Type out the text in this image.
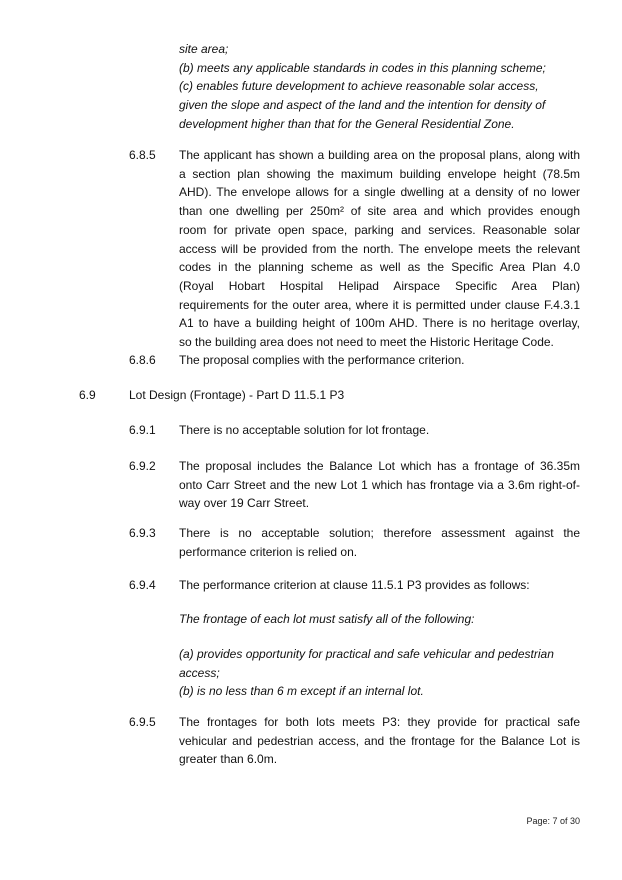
site area;
(b) meets any applicable standards in codes in this planning scheme;
(c) enables future development to achieve reasonable solar access,
given the slope and aspect of the land and the intention for density of
development higher than that for the General Residential Zone.
6.8.5 The applicant has shown a building area on the proposal plans, along with
a section plan showing the maximum building envelope height (78.5m
AHD). The envelope allows for a single dwelling at a density of no lower
than one dwelling per 250m² of site area and which provides enough
room for private open space, parking and services. Reasonable solar
access will be provided from the north. The envelope meets the relevant
codes in the planning scheme as well as the Specific Area Plan 4.0
(Royal Hobart Hospital Helipad Airspace Specific Area Plan)
requirements for the outer area, where it is permitted under clause F.4.3.1
A1 to have a building height of 100m AHD. There is no heritage overlay,
so the building area does not need to meet the Historic Heritage Code.
6.8.6 The proposal complies with the performance criterion.
6.9	Lot Design (Frontage) - Part D 11.5.1 P3
6.9.1 There is no acceptable solution for lot frontage.
6.9.2 The proposal includes the Balance Lot which has a frontage of 36.35m
onto Carr Street and the new Lot 1 which has frontage via a 3.6m right-of-
way over 19 Carr Street.
6.9.3 There is no acceptable solution; therefore assessment against the
performance criterion is relied on.
6.9.4 The performance criterion at clause 11.5.1 P3 provides as follows:
The frontage of each lot must satisfy all of the following:
(a) provides opportunity for practical and safe vehicular and pedestrian
access;
(b) is no less than 6 m except if an internal lot.
6.9.5 The frontages for both lots meets P3: they provide for practical safe
vehicular and pedestrian access, and the frontage for the Balance Lot is
greater than 6.0m.
Page: 7 of 30
